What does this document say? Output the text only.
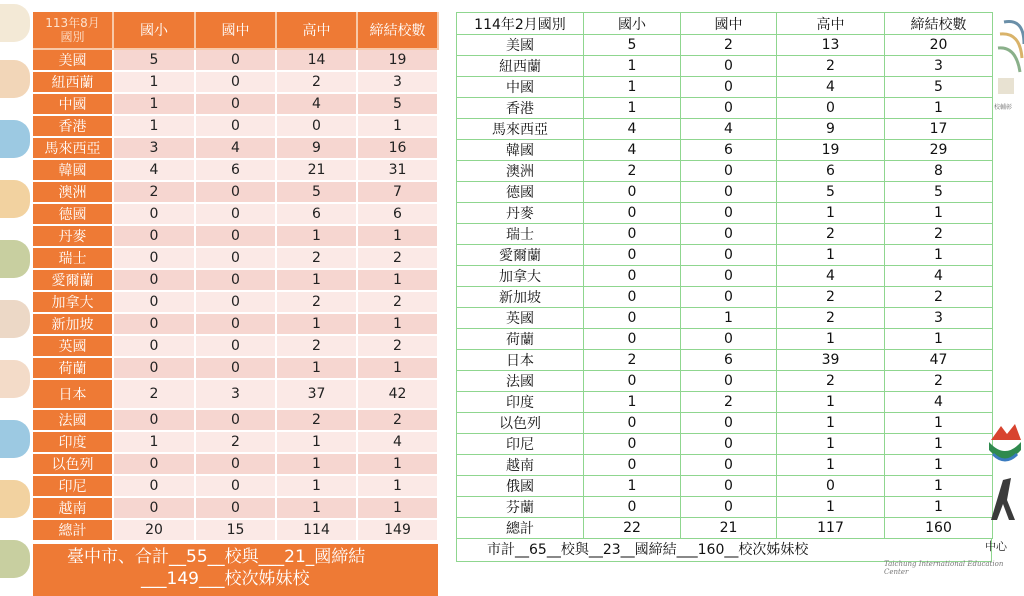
113年8月
國別	國小	國中	高中	締結校數
美國	5	0	14	19
紐西蘭	1	0	2	3
中國	1	0	4	5
香港	1	0	0	1
馬來西亞	3	4	9	16
韓國	4	6	21	31
澳洲	2	0	5	7
德國	0	0	6	6
丹麥	0	0	1	1
瑞士	0	0	2	2
愛爾蘭	0	0	1	1
加拿大	0	0	2	2
新加坡	0	0	1	1
英國	0	0	2	2
荷蘭	0	0	1	1
日本	2	3	37	42
法國	0	0	2	2
印度	1	2	1	4
以色列	0	0	1	1
印尼	0	0	1	1
越南	0	0	1	1
總計	20	15	114	149
臺中市、合計__55__校與___21_國締結
___149___校次姊妹校
114年2月國別	國小	國中	高中	締結校數
美國	5	2	13	20
紐西蘭	1	0	2	3
中國	1	0	4	5
香港	1	0	0	1
馬來西亞	4	4	9	17
韓國	4	6	19	29
澳洲	2	0	6	8
德國	0	0	5	5
丹麥	0	0	1	1
瑞士	0	0	2	2
愛爾蘭	0	0	1	1
加拿大	0	0	4	4
新加坡	0	0	2	2
英國	0	1	2	3
荷蘭	0	0	1	1
日本	2	6	39	47
法國	0	0	2	2
印度	1	2	1	4
以色列	0	0	1	1
印尼	0	0	1	1
越南	0	0	1	1
俄國	1	0	0	1
芬蘭	0	0	1	1
總計	22	21	117	160
市計__65__校與__23__國締結___160__校次姊妹校
校輔彰
中心
Taichung International Education Center
